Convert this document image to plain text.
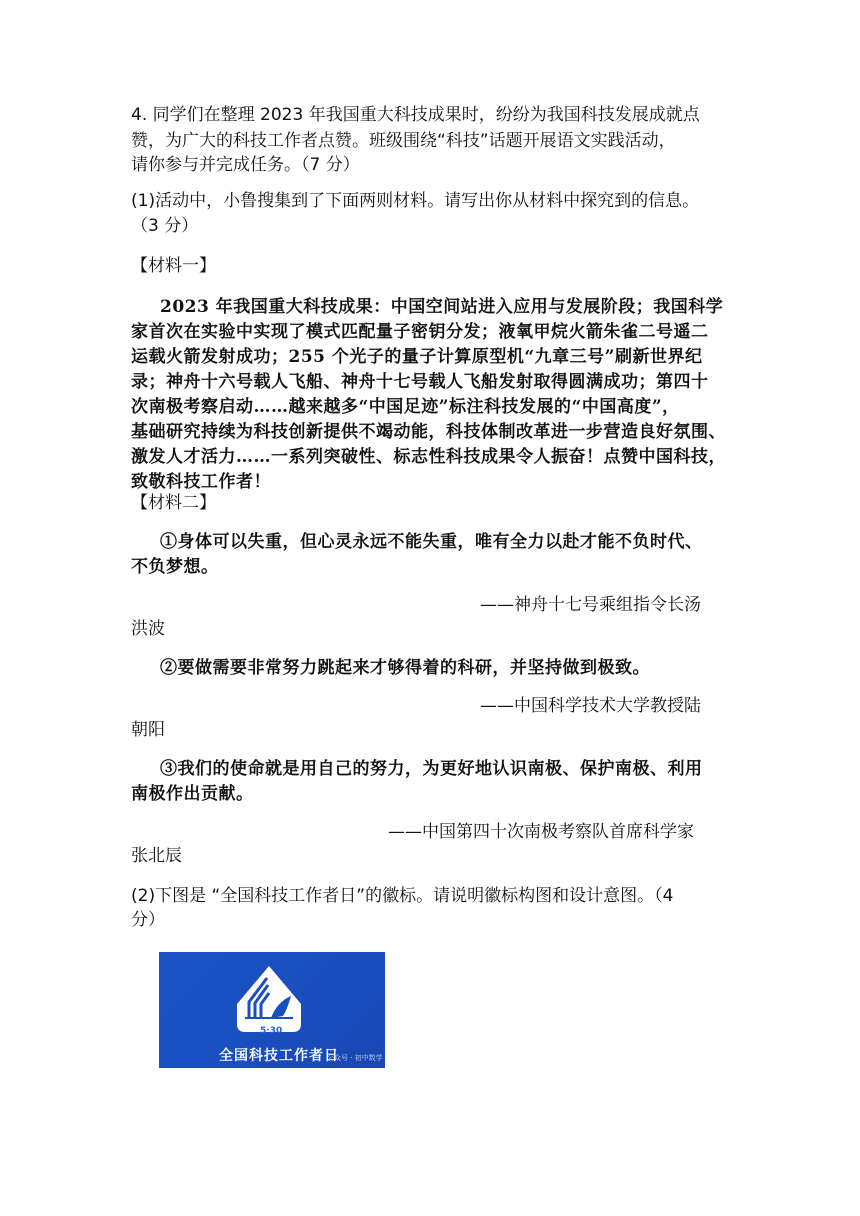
4. 同学们在整理 2023 年我国重大科技成果时，纷纷为我国科技发展成就点
赞，为广大的科技工作者点赞。班级围绕“科技”话题开展语文实践活动，
请你参与并完成任务。（7 分）
(1)活动中，小鲁搜集到了下面两则材料。请写出你从材料中探究到的信息。
（3 分）
【材料一】
2023 年我国重大科技成果：中国空间站进入应用与发展阶段；我国科学
家首次在实验中实现了模式匹配量子密钥分发；液氧甲烷火箭朱雀二号遥二
运载火箭发射成功；255 个光子的量子计算原型机“九章三号”刷新世界纪
录；神舟十六号载人飞船、神舟十七号载人飞船发射取得圆满成功；第四十
次南极考察启动……越来越多“中国足迹”标注科技发展的“中国高度”，
基础研究持续为科技创新提供不竭动能，科技体制改革进一步营造良好氛围、
激发人才活力……一系列突破性、标志性科技成果令人振奋！点赞中国科技，
致敬科技工作者！
【材料二】
①身体可以失重，但心灵永远不能失重，唯有全力以赴才能不负时代、
不负梦想。
——神舟十七号乘组指令长汤
洪波
②要做需要非常努力跳起来才够得着的科研，并坚持做到极致。
——中国科学技术大学教授陆
朝阳
③我们的使命就是用自己的努力，为更好地认识南极、保护南极、利用
南极作出贡献。
——中国第四十次南极考察队首席科学家
张北辰
(2)下图是 “全国科技工作者日”的徽标。请说明徽标构图和设计意图。（4
分）
5·30
全国科技工作者日
公众号 · 初中数学
